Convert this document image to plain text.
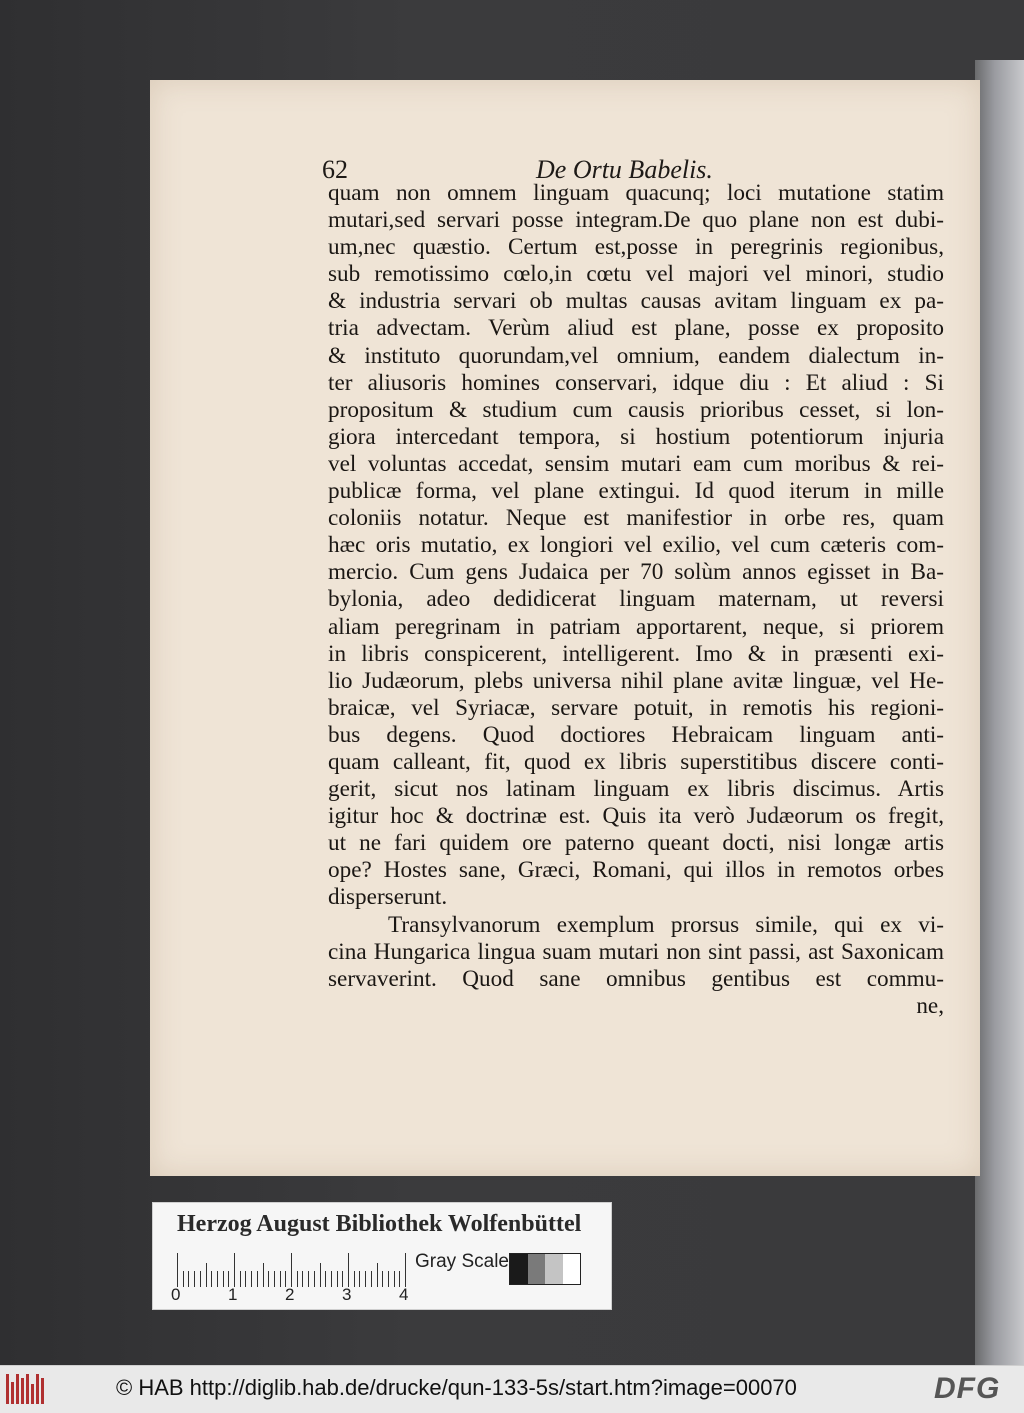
62	De Ortu Babelis.
quam non omnem linguam quacunq; loci mutatione statim
mutari,sed servari posse integram.De quo plane non est dubi-
um,nec quæstio. Certum est,posse in peregrinis regionibus,
sub remotissimo cœlo,in cœtu vel majori vel minori, studio
& industria servari ob multas causas avitam linguam ex pa-
tria advectam. Verùm aliud est plane, posse ex proposito
& instituto quorundam,vel omnium, eandem dialectum in-
ter aliusoris homines conservari, idque diu : Et aliud : Si
propositum & studium cum causis prioribus cesset, si lon-
giora intercedant tempora, si hostium potentiorum injuria
vel voluntas accedat, sensim mutari eam cum moribus & rei-
publicæ forma, vel plane extingui. Id quod iterum in mille
coloniis notatur. Neque est manifestior in orbe res, quam
hæc oris mutatio, ex longiori vel exilio, vel cum cæteris com-
mercio. Cum gens Judaica per 70 solùm annos egisset in Ba-
bylonia, adeo dedidicerat linguam maternam, ut reversi
aliam peregrinam in patriam apportarent, neque, si priorem
in libris conspicerent, intelligerent. Imo & in præsenti exi-
lio Judæorum, plebs universa nihil plane avitæ linguæ, vel He-
braicæ, vel Syriacæ, servare potuit, in remotis his regioni-
bus degens. Quod doctiores Hebraicam linguam anti-
quam calleant, fit, quod ex libris superstitibus discere conti-
gerit, sicut nos latinam linguam ex libris discimus. Artis
igitur hoc & doctrinæ est. Quis ita verò Judæorum os fregit,
ut ne fari quidem ore paterno queant docti, nisi longæ artis
ope? Hostes sane, Græci, Romani, qui illos in remotos orbes
disperserunt.
Transylvanorum exemplum prorsus simile, qui ex vi-
cina Hungarica lingua suam mutari non sint passi, ast Saxonicam
servaverint. Quod sane omnibus gentibus est commu-
ne,
Herzog August Bibliothek Wolfenbüttel
0	1	2	3	4
Gray Scale
© HAB http://diglib.hab.de/drucke/qun-133-5s/start.htm?image=00070	DFG
